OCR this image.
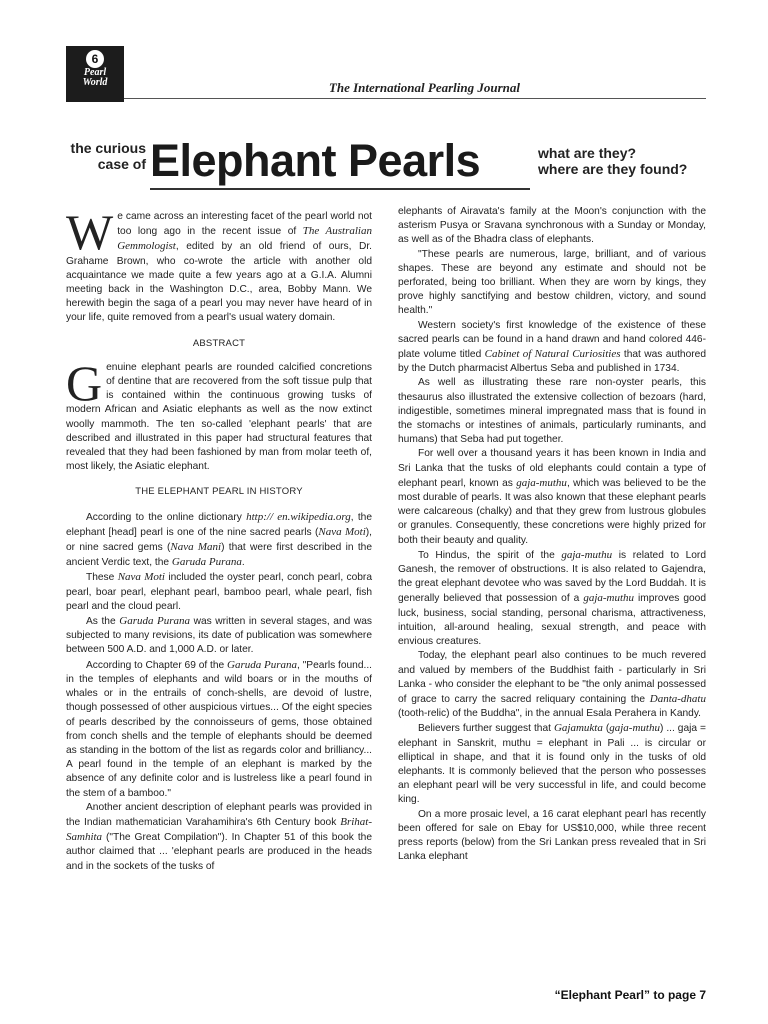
6
Pearl
World	The International Pearling Journal
the curious
case of Elephant Pearls	what are they?
where are they found?

We came across an interesting facet of the pearl world not too long ago in the recent issue of The Australian Gemmologist, edited by an old friend of ours, Dr. Grahame Brown, who co-wrote the article with another old acquaintance we made quite a few years ago at a G.I.A. Alumni meeting back in the Washington D.C., area, Bobby Mann. We herewith begin the saga of a pearl you may never have heard of in your life, quite removed from a pearl's usual watery domain.

ABSTRACT

Genuine elephant pearls are rounded calcified concretions of dentine that are recovered from the soft tissue pulp that is contained within the continuous growing tusks of modern African and Asiatic elephants as well as the now extinct woolly mammoth. The ten so-called 'elephant pearls' that are described and illustrated in this paper had structural features that revealed that they had been fashioned by man from molar teeth of, most likely, the Asiatic elephant.

THE ELEPHANT PEARL IN HISTORY

According to the online dictionary http:// en.wikipedia.org, the elephant [head] pearl is one of the nine sacred pearls (Nava Moti), or nine sacred gems (Nava Mani) that were first described in the ancient Verdic text, the Garuda Purana.

These Nava Moti included the oyster pearl, conch pearl, cobra pearl, boar pearl, elephant pearl, bamboo pearl, whale pearl, fish pearl and the cloud pearl.

As the Garuda Purana was written in several stages, and was subjected to many revisions, its date of publication was somewhere between 500 A.D. and 1,000 A.D. or later.

According to Chapter 69 of the Garuda Purana, "Pearls found... in the temples of elephants and wild boars or in the mouths of whales or in the entrails of conch-shells, are devoid of lustre, though possessed of other auspicious virtues... Of the eight species of pearls described by the connoisseurs of gems, those obtained from conch shells and the temple of elephants should be deemed as standing in the bottom of the list as regards color and brilliancy... A pearl found in the temple of an elephant is marked by the absence of any definite color and is lustreless like a pearl found in the stem of a bamboo."

Another ancient description of elephant pearls was provided in the Indian mathematician Varahamihira's 6th Century book Brihat-Samhita ("The Great Compilation"). In Chapter 51 of this book the author claimed that ... 'elephant pearls are produced in the heads and in the sockets of the tusks of

elephants of Airavata's family at the Moon's conjunction with the asterism Pusya or Sravana synchronous with a Sunday or Monday, as well as of the Bhadra class of elephants.

"These pearls are numerous, large, brilliant, and of various shapes. These are beyond any estimate and should not be perforated, being too brilliant. When they are worn by kings, they prove highly sanctifying and bestow children, victory, and sound health."

Western society's first knowledge of the existence of these sacred pearls can be found in a hand drawn and hand colored 446-plate volume titled Cabinet of Natural Curiosities that was authored by the Dutch pharmacist Albertus Seba and published in 1734.

As well as illustrating these rare non-oyster pearls, this thesaurus also illustrated the extensive collection of bezoars (hard, indigestible, sometimes mineral impregnated mass that is found in the stomachs or intestines of animals, particularly ruminants, and humans) that Seba had put together.

For well over a thousand years it has been known in India and Sri Lanka that the tusks of old elephants could contain a type of elephant pearl, known as gaja-muthu, which was believed to be the most durable of pearls. It was also known that these elephant pearls were calcareous (chalky) and that they grew from lustrous globules or granules. Consequently, these concretions were highly prized for both their beauty and quality.

To Hindus, the spirit of the gaja-muthu is related to Lord Ganesh, the remover of obstructions. It is also related to Gajendra, the great elephant devotee who was saved by the Lord Buddah. It is generally believed that possession of a gaja-muthu improves good luck, business, social standing, personal charisma, attractiveness, intuition, all-around healing, sexual strength, and peace with envious creatures.

Today, the elephant pearl also continues to be much revered and valued by members of the Buddhist faith - particularly in Sri Lanka - who consider the elephant to be "the only animal possessed of grace to carry the sacred reliquary containing the Danta-dhatu (tooth-relic) of the Buddha", in the annual Esala Perahera in Kandy.

Believers further suggest that Gajamukta (gaja-muthu) ... gaja = elephant in Sanskrit, muthu = elephant in Pali ... is circular or elliptical in shape, and that it is found only in the tusks of old elephants. It is commonly believed that the person who possesses an elephant pearl will be very successful in life, and could become king.

On a more prosaic level, a 16 carat elephant pearl has recently been offered for sale on Ebay for US$10,000, while three recent press reports (below) from the Sri Lankan press revealed that in Sri Lanka elephant

“Elephant Pearl” to page 7
